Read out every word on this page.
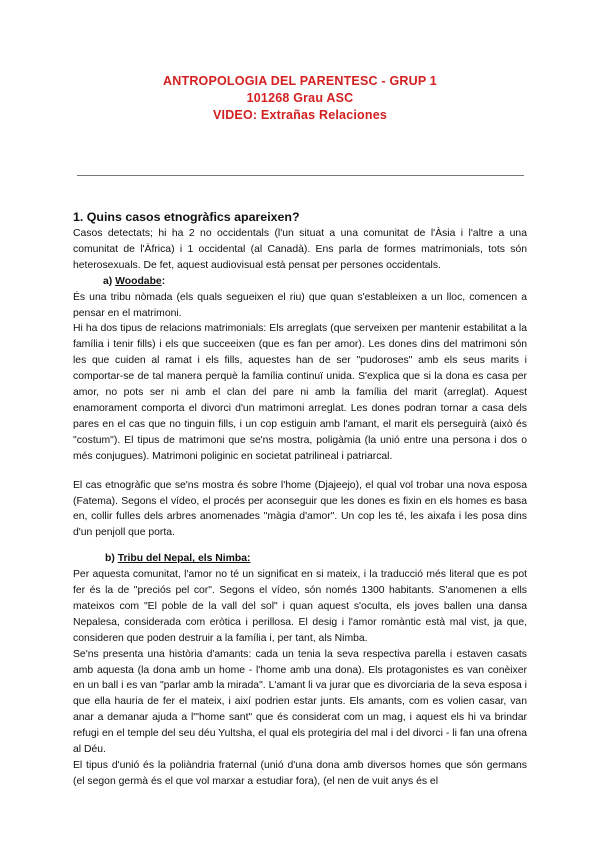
ANTROPOLOGIA DEL PARENTESC - GRUP 1
101268 Grau ASC
VIDEO: Extrañas Relaciones

1. Quins casos etnogràfics apareixen?

Casos detectats; hi ha 2 no occidentals (l'un situat a una comunitat de l'Àsia i l'altre a una comunitat de l'Àfrica) i 1 occidental (al Canadà). Ens parla de formes matrimonials, tots són heterosexuals. De fet, aquest audiovisual està pensat per persones occidentals.

a) Woodabe:

És una tribu nòmada (els quals segueixen el riu) que quan s'estableixen a un lloc, comencen a pensar en el matrimoni.

Hi ha dos tipus de relacions matrimonials: Els arreglats (que serveixen per mantenir estabilitat a la família i tenir fills) i els que succeeixen (que es fan per amor). Les dones dins del matrimoni són les que cuiden al ramat i els fills, aquestes han de ser "pudoroses" amb els seus marits i comportar-se de tal manera perquè la família continuï unida. S'explica que si la dona es casa per amor, no pots ser ni amb el clan del pare ni amb la família del marit (arreglat). Aquest enamorament comporta el divorci d'un matrimoni arreglat. Les dones podran tornar a casa dels pares en el cas que no tinguin fills, i un cop estiguin amb l'amant, el marit els perseguirà (això és "costum"). El tipus de matrimoni que se'ns mostra, poligàmia (la unió entre una persona i dos o més conjugues). Matrimoni poliginic en societat patrilineal i patriarcal.

El cas etnogràfic que se'ns mostra és sobre l'home (Djajeejo), el qual vol trobar una nova esposa (Fatema). Segons el vídeo, el procés per aconseguir que les dones es fixin en els homes es basa en, collir fulles dels arbres anomenades "màgia d'amor". Un cop les té, les aixafa i les posa dins d'un penjoll que porta.

b) Tribu del Nepal, els Nimba:

Per aquesta comunitat, l'amor no té un significat en si mateix, i la traducció més literal que es pot fer és la de "preciós pel cor". Segons el vídeo, són només 1300 habitants. S'anomenen a ells mateixos com "El poble de la vall del sol" i quan aquest s'oculta, els joves ballen una dansa Nepalesa, considerada com eròtica i perillosa. El desig i l'amor romàntic està mal vist, ja que, consideren que poden destruir a la família i, per tant, als Nimba.

Se'ns presenta una història d'amants: cada un tenia la seva respectiva parella i estaven casats amb aquesta (la dona amb un home - l'home amb una dona). Els protagonistes es van conèixer en un ball i es van "parlar amb la mirada". L'amant li va jurar que es divorciaria de la seva esposa i que ella hauria de fer el mateix, i així podrien estar junts. Els amants, com es volien casar, van anar a demanar ajuda a l'"home sant" que és considerat com un mag, i aquest els hi va brindar refugi en el temple del seu déu Yultsha, el qual els protegiria del mal i del divorci - li fan una ofrena al Déu.

El tipus d'unió és la poliàndria fraternal (unió d'una dona amb diversos homes que són germans (el segon germà és el que vol marxar a estudiar fora), (el nen de vuit anys és el
